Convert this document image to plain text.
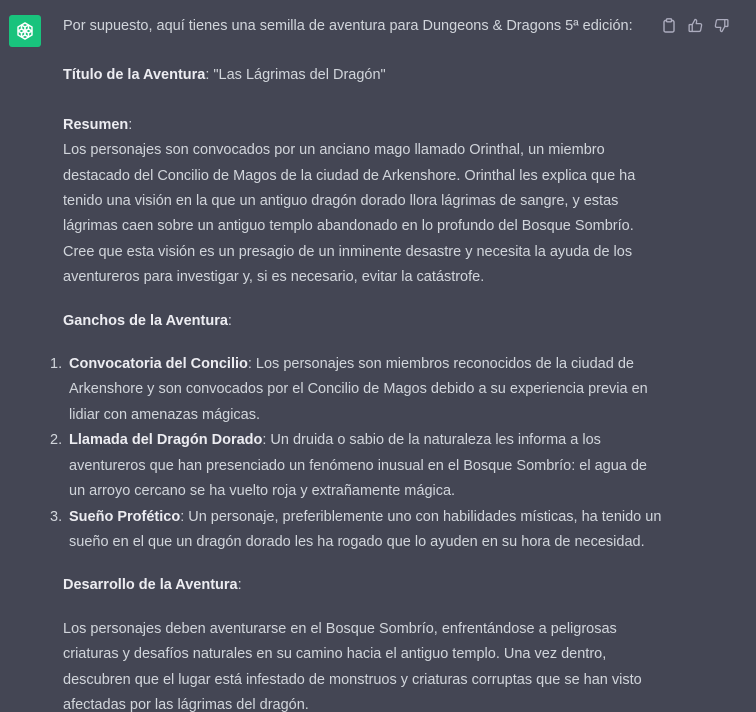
Por supuesto, aquí tienes una semilla de aventura para Dungeons & Dragons 5ª edición:

Título de la Aventura: "Las Lágrimas del Dragón"

Resumen:

Los personajes son convocados por un anciano mago llamado Orinthal, un miembro destacado del Concilio de Magos de la ciudad de Arkenshore. Orinthal les explica que ha tenido una visión en la que un antiguo dragón dorado llora lágrimas de sangre, y estas lágrimas caen sobre un antiguo templo abandonado en lo profundo del Bosque Sombrío. Cree que esta visión es un presagio de un inminente desastre y necesita la ayuda de los aventureros para investigar y, si es necesario, evitar la catástrofe.

Ganchos de la Aventura:

1. Convocatoria del Concilio: Los personajes son miembros reconocidos de la ciudad de Arkenshore y son convocados por el Concilio de Magos debido a su experiencia previa en lidiar con amenazas mágicas.
2. Llamada del Dragón Dorado: Un druida o sabio de la naturaleza les informa a los aventureros que han presenciado un fenómeno inusual en el Bosque Sombrío: el agua de un arroyo cercano se ha vuelto roja y extrañamente mágica.
3. Sueño Profético: Un personaje, preferiblemente uno con habilidades místicas, ha tenido un sueño en el que un dragón dorado les ha rogado que lo ayuden en su hora de necesidad.

Desarrollo de la Aventura:

Los personajes deben aventurarse en el Bosque Sombrío, enfrentándose a peligrosas criaturas y desafíos naturales en su camino hacia el antiguo templo. Una vez dentro, descubren que el lugar está infestado de monstruos y criaturas corruptas que se han visto afectadas por las lágrimas del dragón.
